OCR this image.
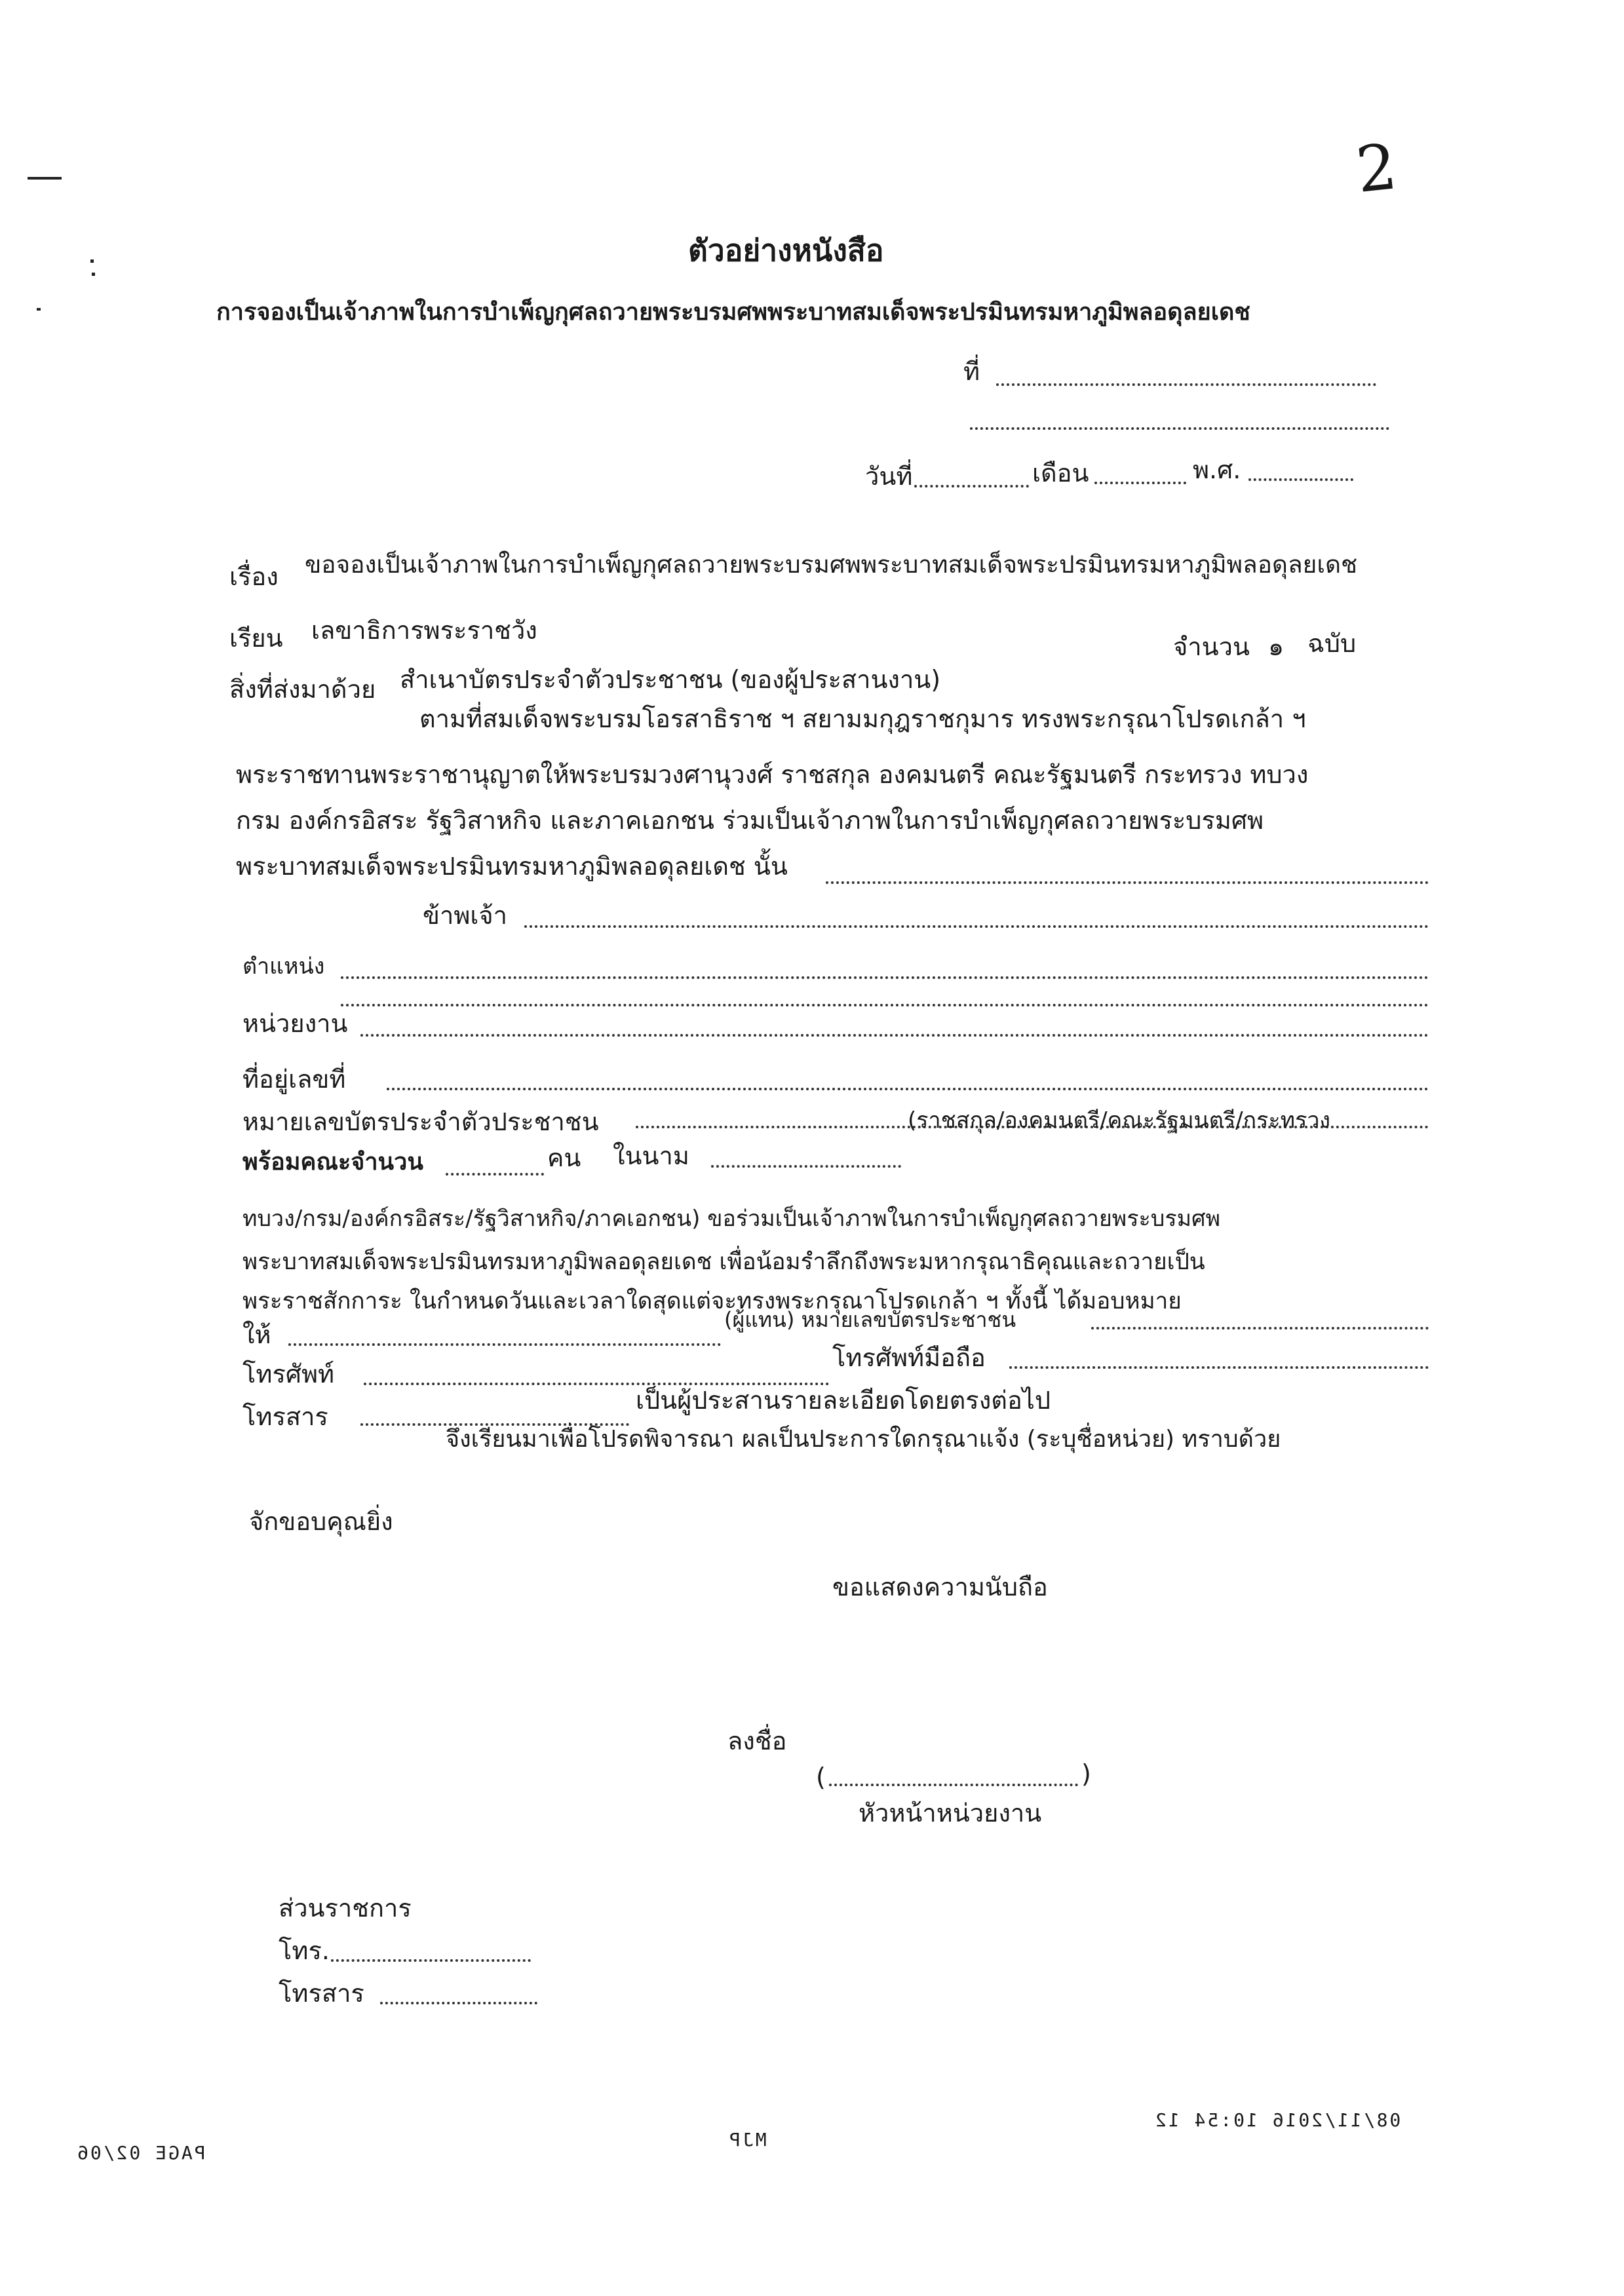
2
ตัวอย่างหนังสือ
การจองเป็นเจ้าภาพในการบำเพ็ญกุศลถวายพระบรมศพพระบาทสมเด็จพระปรมินทรมหาภูมิพลอดุลยเดช
ที่
วันที่	เดือน	พ.ศ.
เรื่อง ขอจองเป็นเจ้าภาพในการบำเพ็ญกุศลถวายพระบรมศพพระบาทสมเด็จพระปรมินทรมหาภูมิพลอดุลยเดช
เรียน เลขาธิการพระราชวัง
สิ่งที่ส่งมาด้วย สำเนาบัตรประจำตัวประชาชน (ของผู้ประสานงาน)
จำนวน ๑ ฉบับ
ตามที่สมเด็จพระบรมโอรสาธิราช ฯ สยามมกุฎราชกุมาร ทรงพระกรุณาโปรดเกล้า ฯ
พระราชทานพระราชานุญาตให้พระบรมวงศานุวงศ์ ราชสกุล องคมนตรี คณะรัฐมนตรี กระทรวง ทบวง
กรม องค์กรอิสระ รัฐวิสาหกิจ และภาคเอกชน ร่วมเป็นเจ้าภาพในการบำเพ็ญกุศลถวายพระบรมศพ
พระบาทสมเด็จพระปรมินทรมหาภูมิพลอดุลยเดช นั้น
ข้าพเจ้า
ตำแหน่ง
หน่วยงาน
ที่อยู่เลขที่
หมายเลขบัตรประจำตัวประชาชน
พร้อมคณะจำนวน	คน ในนาม
(ราชสกุล/องคมนตรี/คณะรัฐมนตรี/กระทรวง
ทบวง/กรม/องค์กรอิสระ/รัฐวิสาหกิจ/ภาคเอกชน) ขอร่วมเป็นเจ้าภาพในการบำเพ็ญกุศลถวายพระบรมศพ
พระบาทสมเด็จพระปรมินทรมหาภูมิพลอดุลยเดช เพื่อน้อมรำลึกถึงพระมหากรุณาธิคุณและถวายเป็น
พระราชสักการะ ในกำหนดวันและเวลาใดสุดแต่จะทรงพระกรุณาโปรดเกล้า ฯ ทั้งนี้ ได้มอบหมาย
ให้
(ผู้แทน) หมายเลขบัตรประชาชน
โทรศัพท์
โทรศัพท์มือถือ
โทรสาร
เป็นผู้ประสานรายละเอียดโดยตรงต่อไป
จึงเรียนมาเพื่อโปรดพิจารณา ผลเป็นประการใดกรุณาแจ้ง (ระบุชื่อหน่วย) ทราบด้วย
จักขอบคุณยิ่ง
ขอแสดงความนับถือ
ลงชื่อ
(	)
หัวหน้าหน่วยงาน
ส่วนราชการ
โทร.
โทรสาร
PAGE 02/06
MJP
08/11/2016 10:54 12
